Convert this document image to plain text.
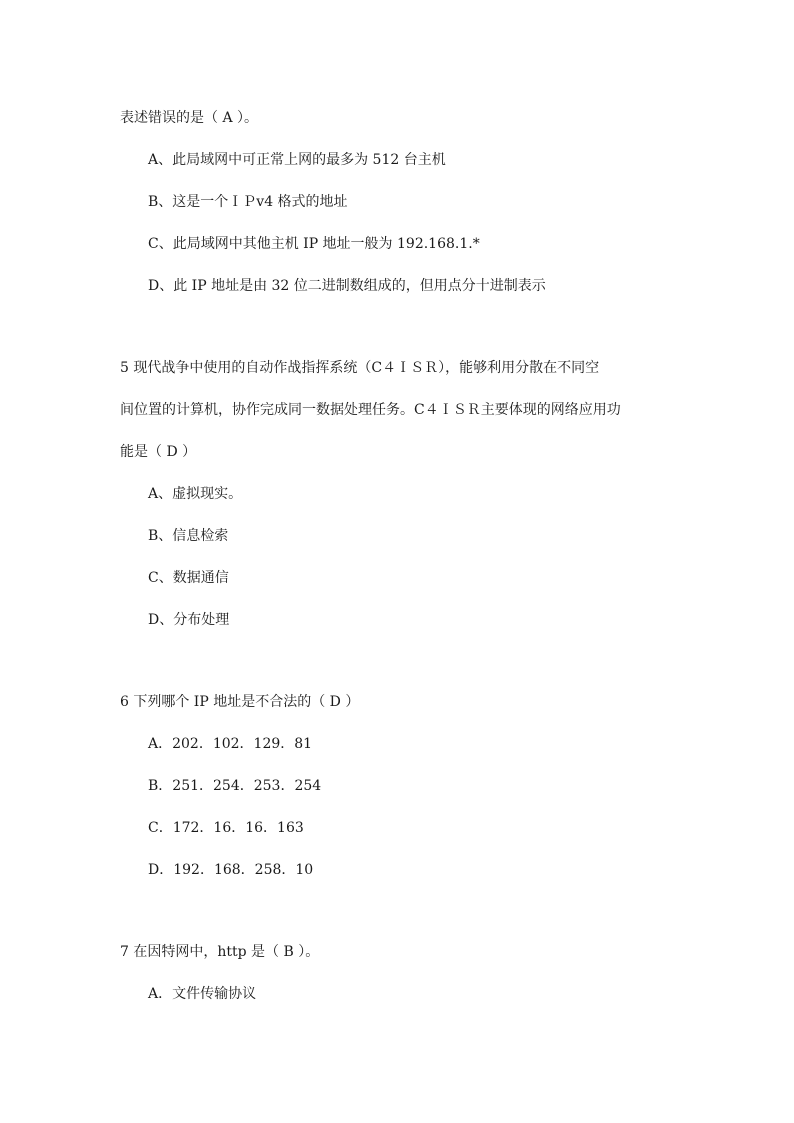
表述错误的是（ A ）。
A、此局域网中可正常上网的最多为 512 台主机
B、这是一个ＩＰv4 格式的地址
C、此局域网中其他主机 IP 地址一般为 192.168.1.*
D、此 IP 地址是由 32 位二进制数组成的，但用点分十进制表示
5 现代战争中使用的自动作战指挥系统（C４ＩＳＲ），能够利用分散在不同空
间位置的计算机，协作完成同一数据处理任务。C４ＩＳＲ主要体现的网络应用功
能是（ D ）
A、虚拟现实。
B、信息检索
C、数据通信
D、分布处理
6 下列哪个 IP 地址是不合法的（ D ）
A．202．102．129．81
B．251．254．253．254
C．172．16．16．163
D．192．168．258．10
7 在因特网中，http 是（ B ）。
A．文件传输协议
